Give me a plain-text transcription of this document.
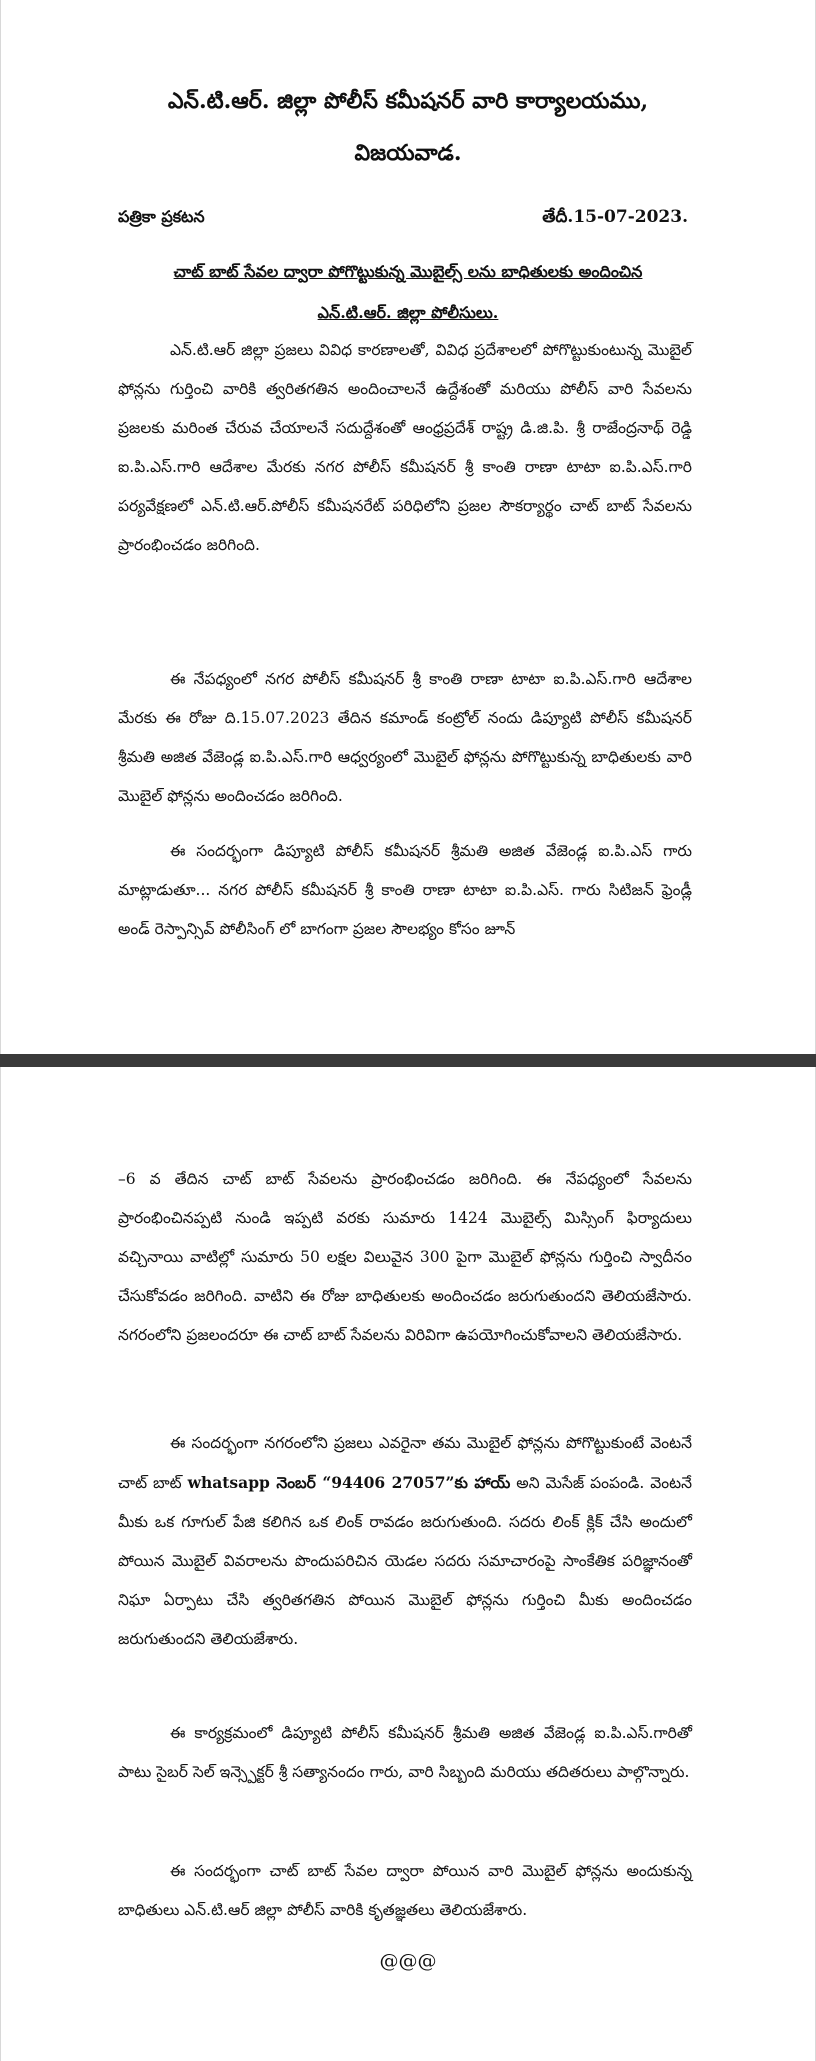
ఎన్.టి.ఆర్. జిల్లా పోలీస్ కమీషనర్ వారి కార్యాలయము,
విజయవాడ.
పత్రికా ప్రకటన	తేదీ.15-07-2023.
చాట్ బాట్ సేవల ద్వారా పోగొట్టుకున్న మొబైల్స్ లను బాధితులకు అందించిన
ఎన్.టి.ఆర్. జిల్లా పోలీసులు.

ఎన్.టి.ఆర్ జిల్లా ప్రజలు వివిధ కారణాలతో, వివిధ ప్రదేశాలలో పోగొట్టుకుంటున్న మొబైల్ ఫోన్లను గుర్తించి వారికి త్వరితగతిన అందించాలనే ఉద్దేశంతో మరియు పోలీస్ వారి సేవలను ప్రజలకు మరింత చేరువ చేయాలనే సదుద్దేశంతో ఆంధ్రప్రదేశ్ రాష్ట్ర డి.జి.పి. శ్రీ రాజేంద్రనాథ్ రెడ్డి ఐ.పి.ఎస్.గారి ఆదేశాల మేరకు నగర పోలీస్ కమీషనర్ శ్రీ కాంతి రాణా టాటా ఐ.పి.ఎస్.గారి పర్యవేక్షణలో ఎన్.టి.ఆర్.పోలీస్ కమీషనరేట్ పరిధిలోని ప్రజల సౌకర్యార్థం చాట్ బాట్ సేవలను ప్రారంభించడం జరిగింది.

ఈ నేపధ్యంలో నగర పోలీస్ కమీషనర్ శ్రీ కాంతి రాణా టాటా ఐ.పి.ఎస్.గారి ఆదేశాల మేరకు ఈ రోజు ది.15.07.2023 తేదిన కమాండ్ కంట్రోల్ నందు డిప్యూటి పోలీస్ కమీషనర్ శ్రీమతి అజిత వేజెండ్ల ఐ.పి.ఎస్.గారి ఆధ్వర్యంలో మొబైల్ ఫోన్లను పోగొట్టుకున్న బాధితులకు వారి మొబైల్ ఫోన్లను అందించడం జరిగింది.

ఈ సందర్భంగా డిప్యూటి పోలీస్ కమీషనర్ శ్రీమతి అజిత వేజెండ్ల ఐ.పి.ఎస్ గారు మాట్లాడుతూ... నగర పోలీస్ కమీషనర్ శ్రీ కాంతి రాణా టాటా ఐ.పి.ఎస్. గారు సిటిజన్ ఫ్రెండ్లీ అండ్ రెస్పాన్సివ్ పోలీసింగ్ లో బాగంగా ప్రజల సౌలభ్యం కోసం జూన్

–6 వ తేదిన చాట్ బాట్ సేవలను ప్రారంభించడం జరిగింది. ఈ నేపధ్యంలో సేవలను ప్రారంభించినప్పటి నుండి ఇప్పటి వరకు సుమారు 1424 మొబైల్స్ మిస్సింగ్ ఫిర్యాదులు వచ్చినాయి వాటిల్లో సుమారు 50 లక్షల విలువైన 300 పైగా మొబైల్ ఫోన్లను గుర్తించి స్వాదీనం చేసుకోవడం జరిగింది. వాటిని ఈ రోజు బాధితులకు అందించడం జరుగుతుందని తెలియజేసారు. నగరంలోని ప్రజలందరూ ఈ చాట్ బాట్ సేవలను విరివిగా ఉపయోగించుకోవాలని తెలియజేసారు.

ఈ సందర్భంగా నగరంలోని ప్రజలు ఎవరైనా తమ మొబైల్ ఫోన్లను పోగొట్టుకుంటే వెంటనే చాట్ బాట్ whatsapp నెంబర్ “94406 27057”కు హాయ్ అని మెసేజ్ పంపండి. వెంటనే మీకు ఒక గూగుల్ పేజి కలిగిన ఒక లింక్ రావడం జరుగుతుంది. సదరు లింక్ క్లిక్ చేసి అందులో పోయిన మొబైల్ వివరాలను పొందుపరిచిన యెడల సదరు సమాచారంపై సాంకేతిక పరిజ్ఞానంతో నిఘా ఏర్పాటు చేసి త్వరితగతిన పోయిన మొబైల్ ఫోన్లను గుర్తించి మీకు అందించడం జరుగుతుందని తెలియజేశారు.

ఈ కార్యక్రమంలో డిప్యూటి పోలీస్ కమీషనర్ శ్రీమతి అజిత వేజెండ్ల ఐ.పి.ఎస్.గారితో పాటు సైబర్ సెల్ ఇన్స్పెక్టర్ శ్రీ సత్యానందం గారు, వారి సిబ్బంది మరియు తదితరులు పాల్గొన్నారు.

ఈ సందర్భంగా చాట్ బాట్ సేవల ద్వారా పోయిన వారి మొబైల్ ఫోన్లను అందుకున్న బాధితులు ఎన్.టి.ఆర్ జిల్లా పోలీస్ వారికి కృతజ్ఞతలు తెలియజేశారు.

@@@
